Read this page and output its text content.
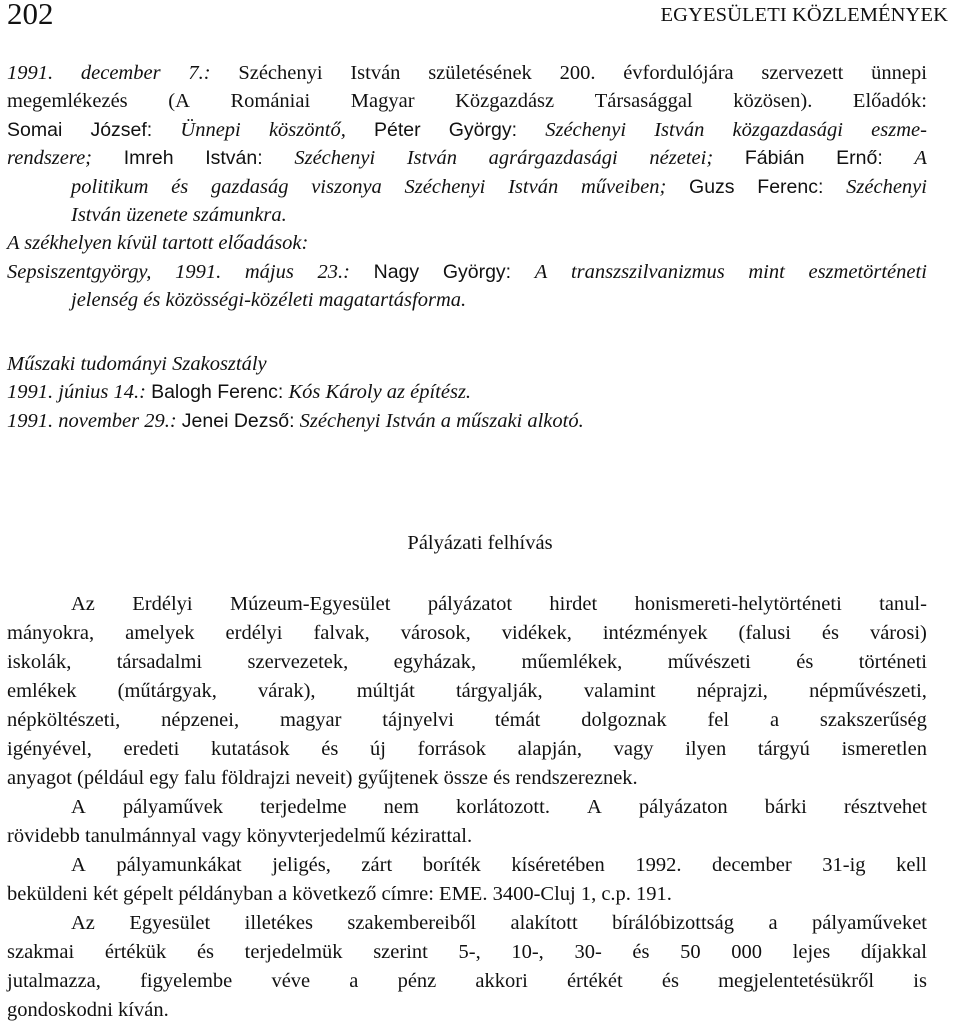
202	EGYESÜLETI KÖZLEMÉNYEK
1991. december 7.: Széchenyi István születésének 200. évfordulójára szervezett ünnepi
megemlékezés (A Romániai Magyar Közgazdász Társasággal közösen). Előadók:
Somai József: Ünnepi köszöntő, Péter György: Széchenyi István közgazdasági eszme-
rendszere; Imreh István: Széchenyi István agrárgazdasági nézetei; Fábián Ernő: A
politikum és gazdaság viszonya Széchenyi István műveiben; Guzs Ferenc: Széchenyi
István üzenete számunkra.
A székhelyen kívül tartott előadások:
Sepsiszentgyörgy, 1991. május 23.: Nagy György: A transzszilvanizmus mint eszmetörténeti
jelenség és közösségi-közéleti magatartásforma.
Műszaki tudományi Szakosztály
1991. június 14.: Balogh Ferenc: Kós Károly az építész.
1991. november 29.: Jenei Dezső: Széchenyi István a műszaki alkotó.
Pályázati felhívás
Az Erdélyi Múzeum-Egyesület pályázatot hirdet honismereti-helytörténeti tanul-
mányokra, amelyek erdélyi falvak, városok, vidékek, intézmények (falusi és városi)
iskolák, társadalmi szervezetek, egyházak, műemlékek, művészeti és történeti
emlékek (műtárgyak, várak), múltját tárgyalják, valamint néprajzi, népművészeti,
népköltészeti, népzenei, magyar tájnyelvi témát dolgoznak fel a szakszerűség
igényével, eredeti kutatások és új források alapján, vagy ilyen tárgyú ismeretlen
anyagot (például egy falu földrajzi neveit) gyűjtenek össze és rendszereznek.
A pályaművek terjedelme nem korlátozott. A pályázaton bárki résztvehet
rövidebb tanulmánnyal vagy könyvterjedelmű kézirattal.
A pályamunkákat jeligés, zárt boríték kíséretében 1992. december 31-ig kell
beküldeni két gépelt példányban a következő címre: EME. 3400-Cluj 1, c.p. 191.
Az Egyesület illetékes szakembereiből alakított bírálóbizottság a pályaműveket
szakmai értékük és terjedelmük szerint 5-, 10-, 30- és 50 000 lejes díjakkal
jutalmazza, figyelembe véve a pénz akkori értékét és megjelentetésükről is
gondoskodni kíván.
